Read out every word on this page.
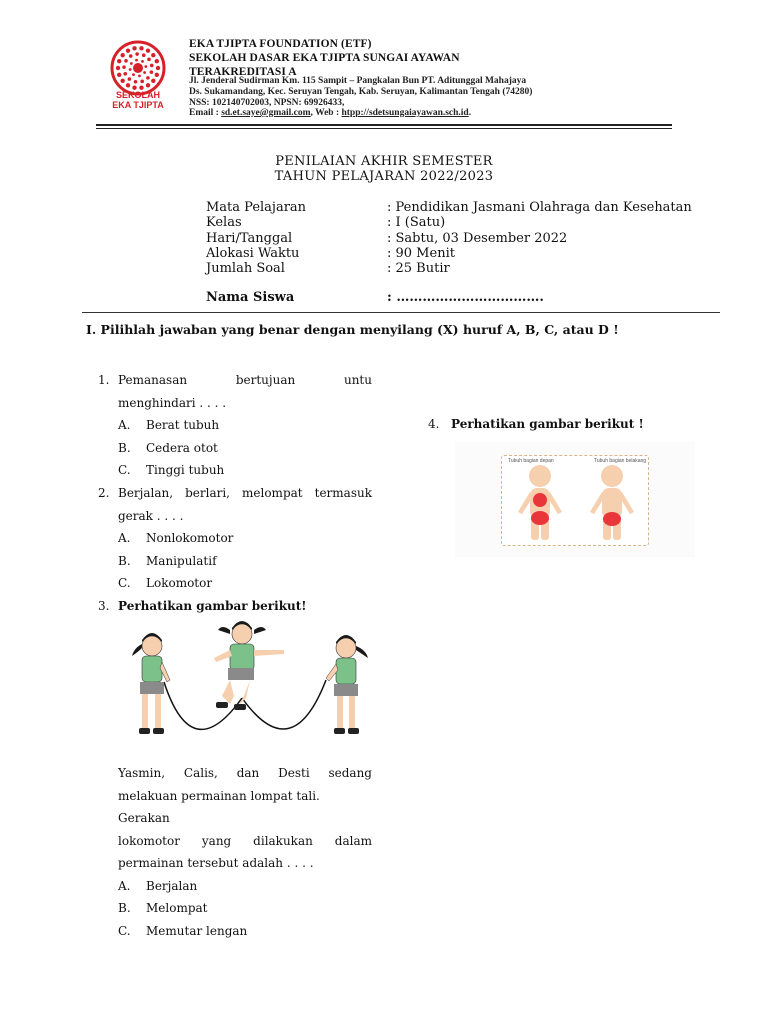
SEKOLAH
EKA TJIPTA
EKA TJIPTA FOUNDATION (ETF)
SEKOLAH DASAR EKA TJIPTA SUNGAI AYAWAN
TERAKREDITASI A
Jl. Jenderal Sudirman Km. 115 Sampit – Pangkalan Bun PT. Aditunggal Mahajaya
Ds. Sukamandang, Kec. Seruyan Tengah, Kab. Seruyan, Kalimantan Tengah (74280)
NSS: 102140702003, NPSN: 69926433,
Email : sd.et.saye@gmail.com, Web : htpp://sdetsungaiayawan.sch.id.
PENILAIAN AKHIR SEMESTER
TAHUN PELAJARAN 2022/2023
Mata Pelajaran	: Pendidikan Jasmani Olahraga dan Kesehatan
Kelas	: I (Satu)
Hari/Tanggal	: Sabtu, 03 Desember 2022
Alokasi Waktu	: 90 Menit
Jumlah Soal	: 25 Butir
Nama Siswa	: …………………………….
I. Pilihlah jawaban yang benar dengan menyilang (X) huruf A, B, C, atau D !
1. Pemanasan	bertujuan	untu
menghindari . . . .
A. Berat tubuh
B. Cedera otot
C. Tinggi tubuh
2. Berjalan, berlari, melompat termasuk
gerak . . . .
A. Nonlokomotor
B. Manipulatif
C. Lokomotor
3. Perhatikan gambar berikut!
Yasmin, Calis, dan Desti sedang
melakuan permainan lompat tali. Gerakan
lokomotor yang dilakukan dalam
permainan tersebut adalah . . . .
A. Berjalan
B. Melompat
C. Memutar lengan
4. Perhatikan gambar berikut !
Tubuh bagian depan	Tubuh bagian belakang
